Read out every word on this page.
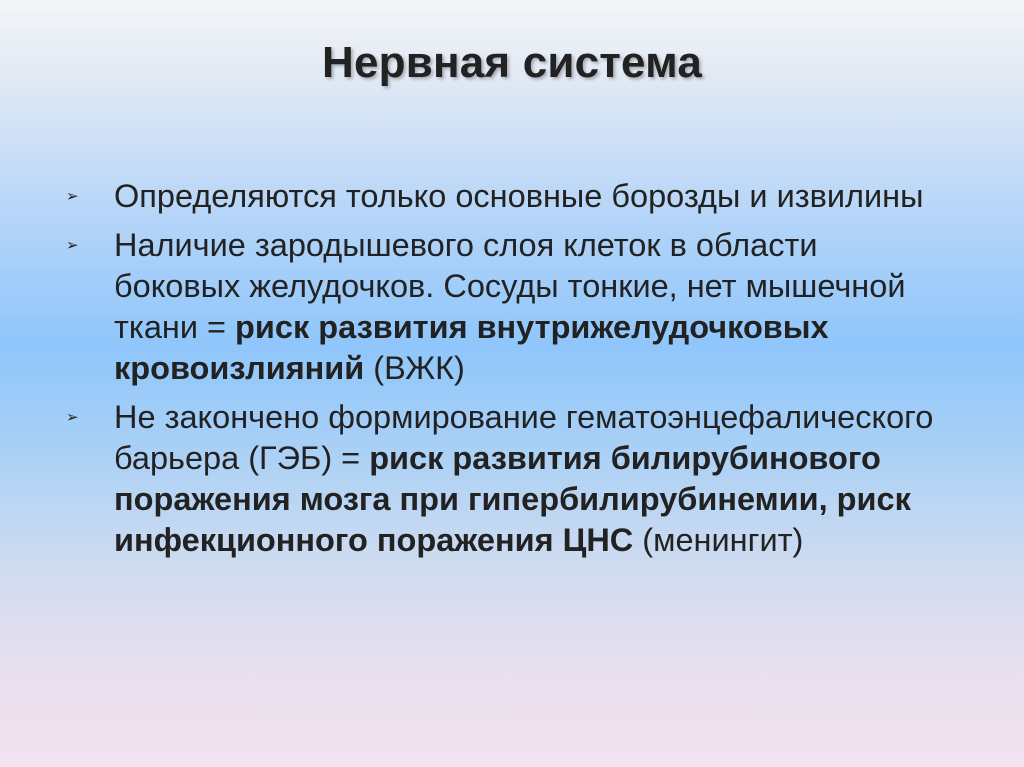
Нервная система
➢ Определяются только основные борозды и извилины
➢ Наличие зародышевого слоя клеток в области боковых желудочков. Сосуды тонкие, нет мышечной ткани = риск развития внутрижелудочковых кровоизлияний (ВЖК)
➢ Не закончено формирование гематоэнцефалического барьера (ГЭБ) = риск развития билирубинового поражения мозга при гипербилирубинемии, риск инфекционного поражения ЦНС (менингит)
